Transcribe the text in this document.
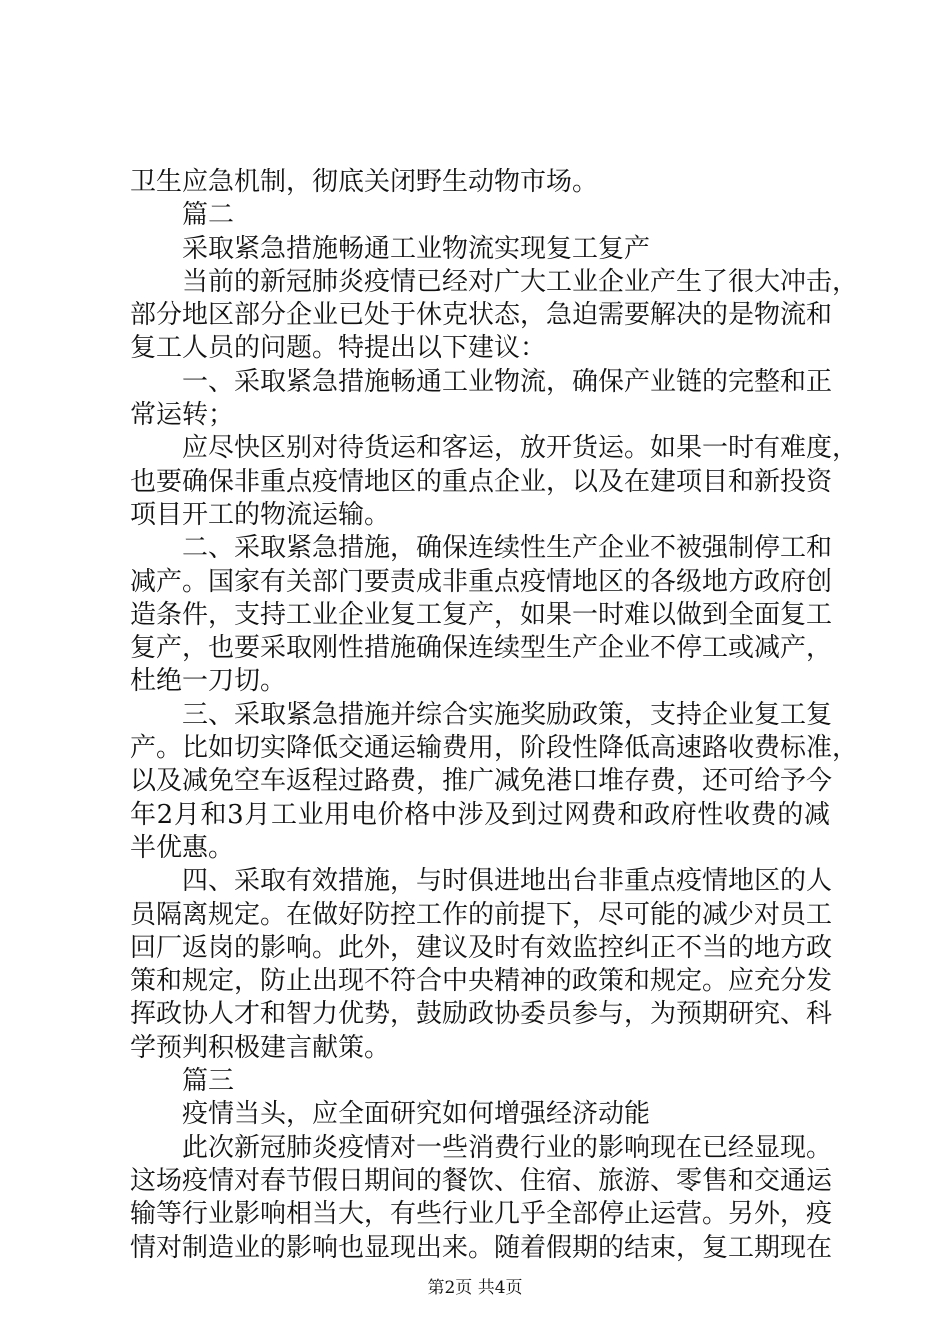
卫生应急机制，彻底关闭野生动物市场。
篇二
采取紧急措施畅通工业物流实现复工复产
当前的新冠肺炎疫情已经对广大工业企业产生了很大冲击，
部分地区部分企业已处于休克状态，急迫需要解决的是物流和
复工人员的问题。特提出以下建议：
一、采取紧急措施畅通工业物流，确保产业链的完整和正
常运转；
应尽快区别对待货运和客运，放开货运。如果一时有难度，
也要确保非重点疫情地区的重点企业，以及在建项目和新投资
项目开工的物流运输。
二、采取紧急措施，确保连续性生产企业不被强制停工和
减产。国家有关部门要责成非重点疫情地区的各级地方政府创
造条件，支持工业企业复工复产，如果一时难以做到全面复工
复产，也要采取刚性措施确保连续型生产企业不停工或减产，
杜绝一刀切。
三、采取紧急措施并综合实施奖励政策，支持企业复工复
产。比如切实降低交通运输费用，阶段性降低高速路收费标准，
以及减免空车返程过路费，推广减免港口堆存费，还可给予今
年2月和3月工业用电价格中涉及到过网费和政府性收费的减
半优惠。
四、采取有效措施，与时俱进地出台非重点疫情地区的人
员隔离规定。在做好防控工作的前提下，尽可能的减少对员工
回厂返岗的影响。此外，建议及时有效监控纠正不当的地方政
策和规定，防止出现不符合中央精神的政策和规定。应充分发
挥政协人才和智力优势，鼓励政协委员参与，为预期研究、科
学预判积极建言献策。
篇三
疫情当头，应全面研究如何增强经济动能
此次新冠肺炎疫情对一些消费行业的影响现在已经显现。
这场疫情对春节假日期间的餐饮、住宿、旅游、零售和交通运
输等行业影响相当大，有些行业几乎全部停止运营。另外，疫
情对制造业的影响也显现出来。随着假期的结束，复工期现在
第2页 共4页
